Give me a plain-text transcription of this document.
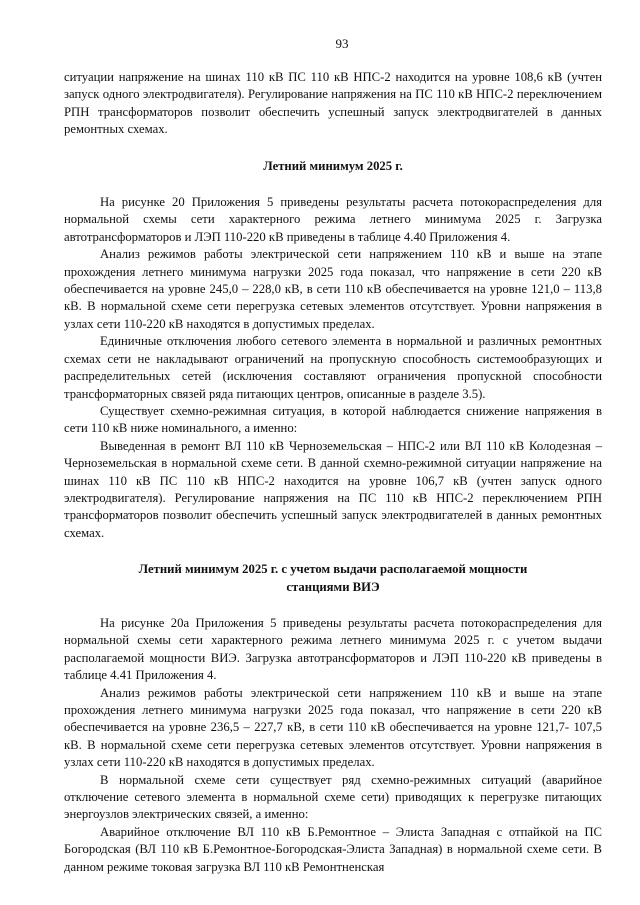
93

ситуации напряжение на шинах 110 кВ ПС 110 кВ НПС-2 находится на уровне 108,6 кВ (учтен запуск одного электродвигателя). Регулирование напряжения на ПС 110 кВ НПС-2 переключением РПН трансформаторов позволит обеспечить успешный запуск электродвигателей в данных ремонтных схемах.

Летний минимум 2025 г.

На рисунке 20 Приложения 5 приведены результаты расчета потокораспределения для нормальной схемы сети характерного режима летнего минимума 2025 г. Загрузка автотрансформаторов и ЛЭП 110-220 кВ приведены в таблице 4.40 Приложения 4.

Анализ режимов работы электрической сети напряжением 110 кВ и выше на этапе прохождения летнего минимума нагрузки 2025 года показал, что напряжение в сети 220 кВ обеспечивается на уровне 245,0 – 228,0 кВ, в сети 110 кВ обеспечивается на уровне 121,0 – 113,8 кВ. В нормальной схеме сети перегрузка сетевых элементов отсутствует. Уровни напряжения в узлах сети 110-220 кВ находятся в допустимых пределах.

Единичные отключения любого сетевого элемента в нормальной и различных ремонтных схемах сети не накладывают ограничений на пропускную способность системообразующих и распределительных сетей (исключения составляют ограничения пропускной способности трансформаторных связей ряда питающих центров, описанные в разделе 3.5).

Существует схемно-режимная ситуация, в которой наблюдается снижение напряжения в сети 110 кВ ниже номинального, а именно:

Выведенная в ремонт ВЛ 110 кВ Черноземельская – НПС-2 или ВЛ 110 кВ Колодезная – Черноземельская в нормальной схеме сети. В данной схемно-режимной ситуации напряжение на шинах 110 кВ ПС 110 кВ НПС-2 находится на уровне 106,7 кВ (учтен запуск одного электродвигателя). Регулирование напряжения на ПС 110 кВ НПС-2 переключением РПН трансформаторов позволит обеспечить успешный запуск электродвигателей в данных ремонтных схемах.

Летний минимум 2025 г. с учетом выдачи располагаемой мощности
станциями ВИЭ

На рисунке 20а Приложения 5 приведены результаты расчета потокораспределения для нормальной схемы сети характерного режима летнего минимума 2025 г. с учетом выдачи располагаемой мощности ВИЭ. Загрузка автотрансформаторов и ЛЭП 110-220 кВ приведены в таблице 4.41 Приложения 4.

Анализ режимов работы электрической сети напряжением 110 кВ и выше на этапе прохождения летнего минимума нагрузки 2025 года показал, что напряжение в сети 220 кВ обеспечивается на уровне 236,5 – 227,7 кВ, в сети 110 кВ обеспечивается на уровне 121,7- 107,5 кВ. В нормальной схеме сети перегрузка сетевых элементов отсутствует. Уровни напряжения в узлах сети 110-220 кВ находятся в допустимых пределах.

В нормальной схеме сети существует ряд схемно-режимных ситуаций (аварийное отключение сетевого элемента в нормальной схеме сети) приводящих к перегрузке питающих энергоузлов электрических связей, а именно:

Аварийное отключение ВЛ 110 кВ Б.Ремонтное – Элиста Западная с отпайкой на ПС Богородская (ВЛ 110 кВ Б.Ремонтное-Богородская-Элиста Западная) в нормальной схеме сети. В данном режиме токовая загрузка ВЛ 110 кВ Ремонтненская
